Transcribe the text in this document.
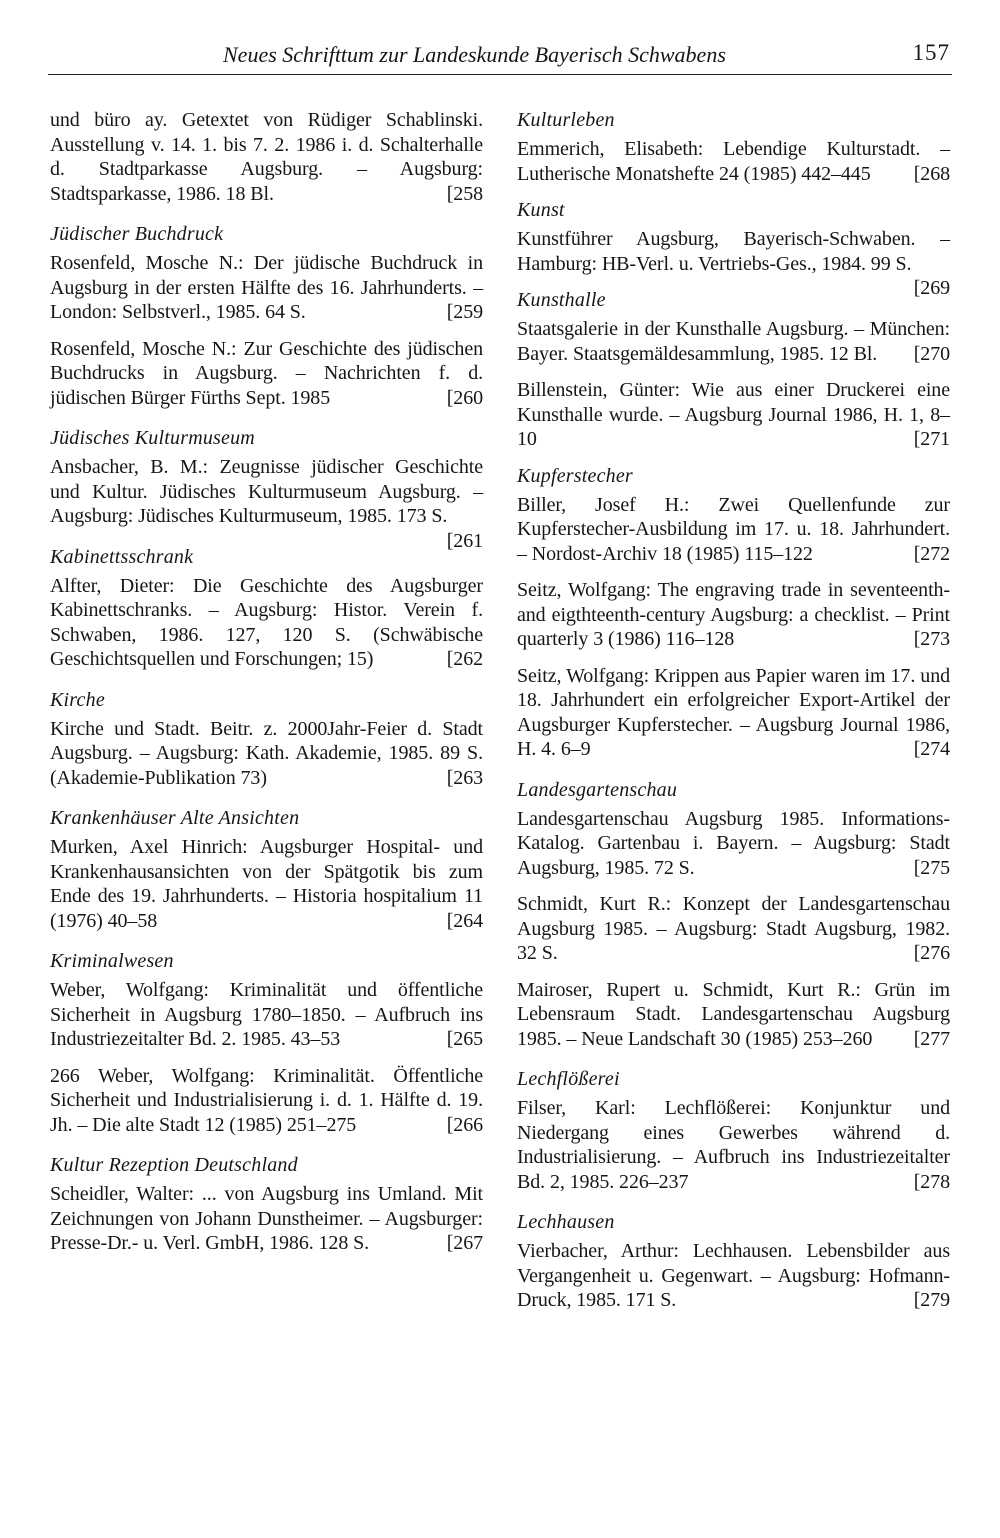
Neues Schrifttum zur Landeskunde Bayerisch Schwabens	157

und büro ay. Getextet von Rüdiger Schablinski. Ausstellung v. 14. 1. bis 7. 2. 1986 i. d. Schalterhalle d. Stadtparkasse Augsburg. – Augsburg: Stadtsparkasse, 1986. 18 Bl.	[258

Jüdischer Buchdruck

Rosenfeld, Mosche N.: Der jüdische Buchdruck in Augsburg in der ersten Hälfte des 16. Jahrhunderts. – London: Selbstverl., 1985. 64 S.	[259

Rosenfeld, Mosche N.: Zur Geschichte des jüdischen Buchdrucks in Augsburg. – Nachrichten f. d. jüdischen Bürger Fürths Sept. 1985	[260

Jüdisches Kulturmuseum

Ansbacher, B. M.: Zeugnisse jüdischer Geschichte und Kultur. Jüdisches Kulturmuseum Augsburg. – Augsburg: Jüdisches Kulturmuseum, 1985. 173 S.
[261

Kabinettsschrank

Alfter, Dieter: Die Geschichte des Augsburger Kabinettschranks. – Augsburg: Histor. Verein f. Schwaben, 1986. 127, 120 S. (Schwäbische Geschichtsquellen und Forschungen; 15)	[262

Kirche

Kirche und Stadt. Beitr. z. 2000Jahr-Feier d. Stadt Augsburg. – Augsburg: Kath. Akademie, 1985. 89 S. (Akademie-Publikation 73)	[263

Krankenhäuser Alte Ansichten

Murken, Axel Hinrich: Augsburger Hospital- und Krankenhausansichten von der Spätgotik bis zum Ende des 19. Jahrhunderts. – Historia hospitalium 11 (1976) 40–58	[264

Kriminalwesen

Weber, Wolfgang: Kriminalität und öffentliche Sicherheit in Augsburg 1780–1850. – Aufbruch ins Industriezeitalter Bd. 2. 1985. 43–53	[265

266 Weber, Wolfgang: Kriminalität. Öffentliche Sicherheit und Industrialisierung i. d. 1. Hälfte d. 19. Jh. – Die alte Stadt 12 (1985) 251–275	[266

Kultur Rezeption Deutschland

Scheidler, Walter: ... von Augsburg ins Umland. Mit Zeichnungen von Johann Dunstheimer. – Augsburger: Presse-Dr.- u. Verl. GmbH, 1986. 128 S.	[267

Kulturleben

Emmerich, Elisabeth: Lebendige Kulturstadt. – Lutherische Monatshefte 24 (1985) 442–445 [268

Kunst

Kunstführer Augsburg, Bayerisch-Schwaben. – Hamburg: HB-Verl. u. Vertriebs-Ges., 1984. 99 S.
[269

Kunsthalle

Staatsgalerie in der Kunsthalle Augsburg. – München: Bayer. Staatsgemäldesammlung, 1985. 12 Bl. [270

Billenstein, Günter: Wie aus einer Druckerei eine Kunsthalle wurde. – Augsburg Journal 1986, H. 1, 8–10	[271

Kupferstecher

Biller, Josef H.: Zwei Quellenfunde zur Kupferstecher-Ausbildung im 17. u. 18. Jahrhundert. – Nordost-Archiv 18 (1985) 115–122	[272

Seitz, Wolfgang: The engraving trade in seventeenth- and eigthteenth-century Augsburg: a checklist. – Print quarterly 3 (1986) 116–128	[273

Seitz, Wolfgang: Krippen aus Papier waren im 17. und 18. Jahrhundert ein erfolgreicher Export-Artikel der Augsburger Kupferstecher. – Augsburg Journal 1986, H. 4. 6–9	[274

Landesgartenschau

Landesgartenschau Augsburg 1985. Informations-Katalog. Gartenbau i. Bayern. – Augsburg: Stadt Augsburg, 1985. 72 S.	[275

Schmidt, Kurt R.: Konzept der Landesgartenschau Augsburg 1985. – Augsburg: Stadt Augsburg, 1982. 32 S.	[276

Mairoser, Rupert u. Schmidt, Kurt R.: Grün im Lebensraum Stadt. Landesgartenschau Augsburg 1985. – Neue Landschaft 30 (1985) 253–260 [277

Lechflößerei

Filser, Karl: Lechflößerei: Konjunktur und Niedergang eines Gewerbes während d. Industrialisierung. – Aufbruch ins Industriezeitalter Bd. 2, 1985. 226–237	[278

Lechhausen

Vierbacher, Arthur: Lechhausen. Lebensbilder aus Vergangenheit u. Gegenwart. – Augsburg: Hofmann-Druck, 1985. 171 S.	[279
